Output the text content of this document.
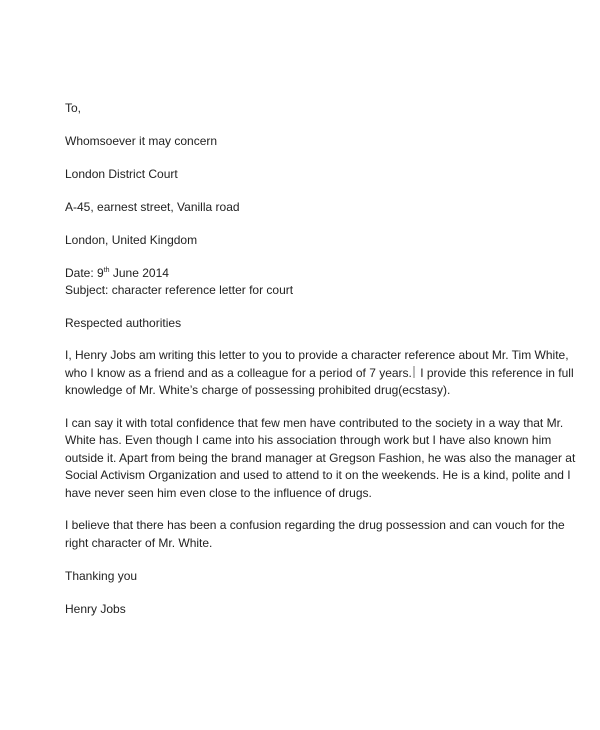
To,

Whomsoever it may concern

London District Court

A-45, earnest street, Vanilla road

London, United Kingdom

Date: 9th June 2014

Subject: character reference letter for court

Respected authorities

I, Henry Jobs am writing this letter to you to provide a character reference about Mr. Tim White, who I know as a friend and as a colleague for a period of 7 years. I provide this reference in full knowledge of Mr. White’s charge of possessing prohibited drug(ecstasy).

I can say it with total confidence that few men have contributed to the society in a way that Mr. White has. Even though I came into his association through work but I have also known him outside it. Apart from being the brand manager at Gregson Fashion, he was also the manager at Social Activism Organization and used to attend to it on the weekends. He is a kind, polite and I have never seen him even close to the influence of drugs.

I believe that there has been a confusion regarding the drug possession and can vouch for the right character of Mr. White.

Thanking you

Henry Jobs
